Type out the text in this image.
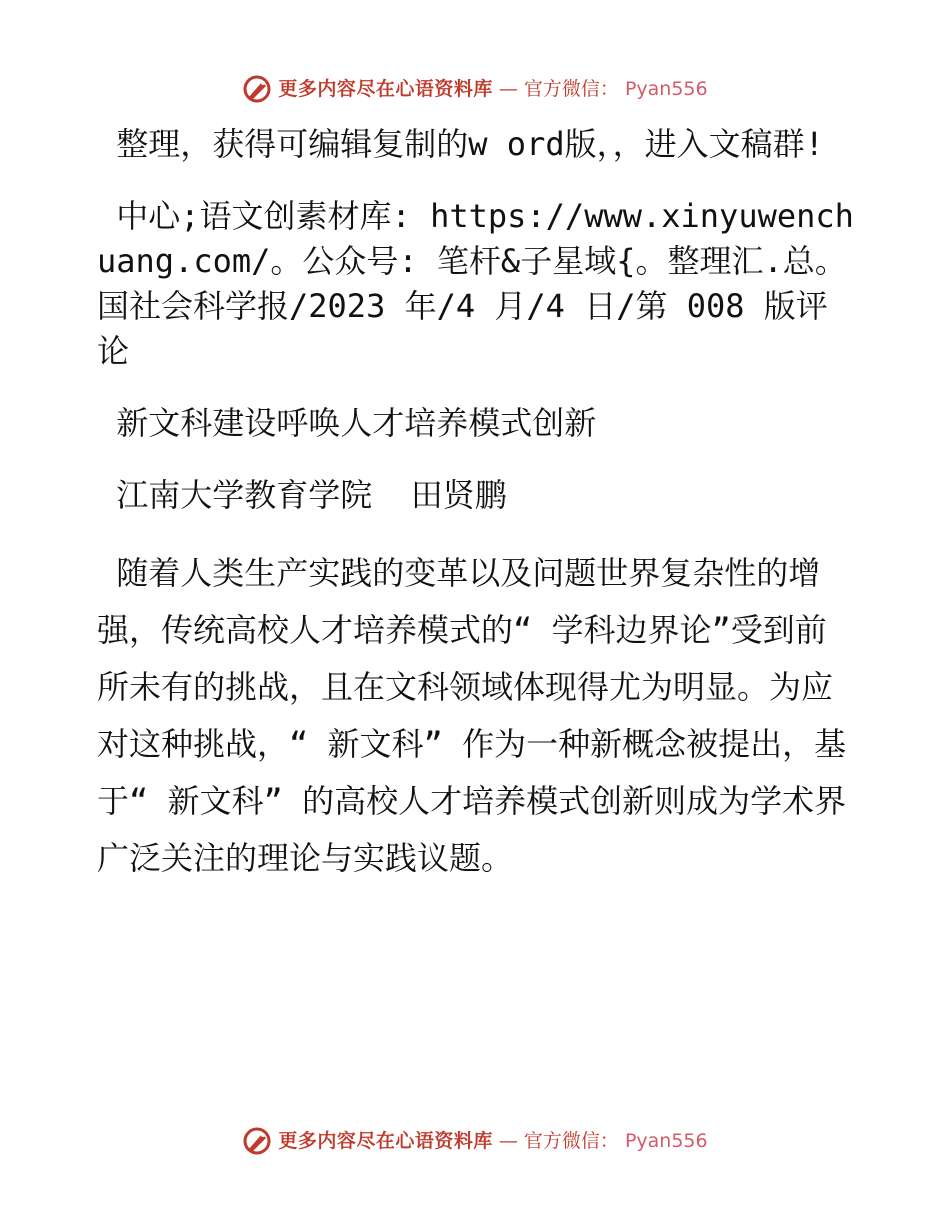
更多内容尽在心语资料库 — 官方微信： Pyan556

整理，获得可编辑复制的w ord版，，进入文稿群!

中心;语文创素材库: https://www.xinyuwenchuang.com/。公众号: 笔杆&子星域{。整理汇.总。国社会科学报/2023 年/4 月/4 日/第 008 版评论

新文科建设呼唤人才培养模式创新

江南大学教育学院  田贤鹏

随着人类生产实践的变革以及问题世界复杂性的增强，传统高校人才培养模式的“ 学科边界论”受到前所未有的挑战，且在文科领域体现得尤为明显。为应对这种挑战，“ 新文科” 作为一种新概念被提出，基于“ 新文科” 的高校人才培养模式创新则成为学术界广泛关注的理论与实践议题。

更多内容尽在心语资料库 — 官方微信： Pyan556
